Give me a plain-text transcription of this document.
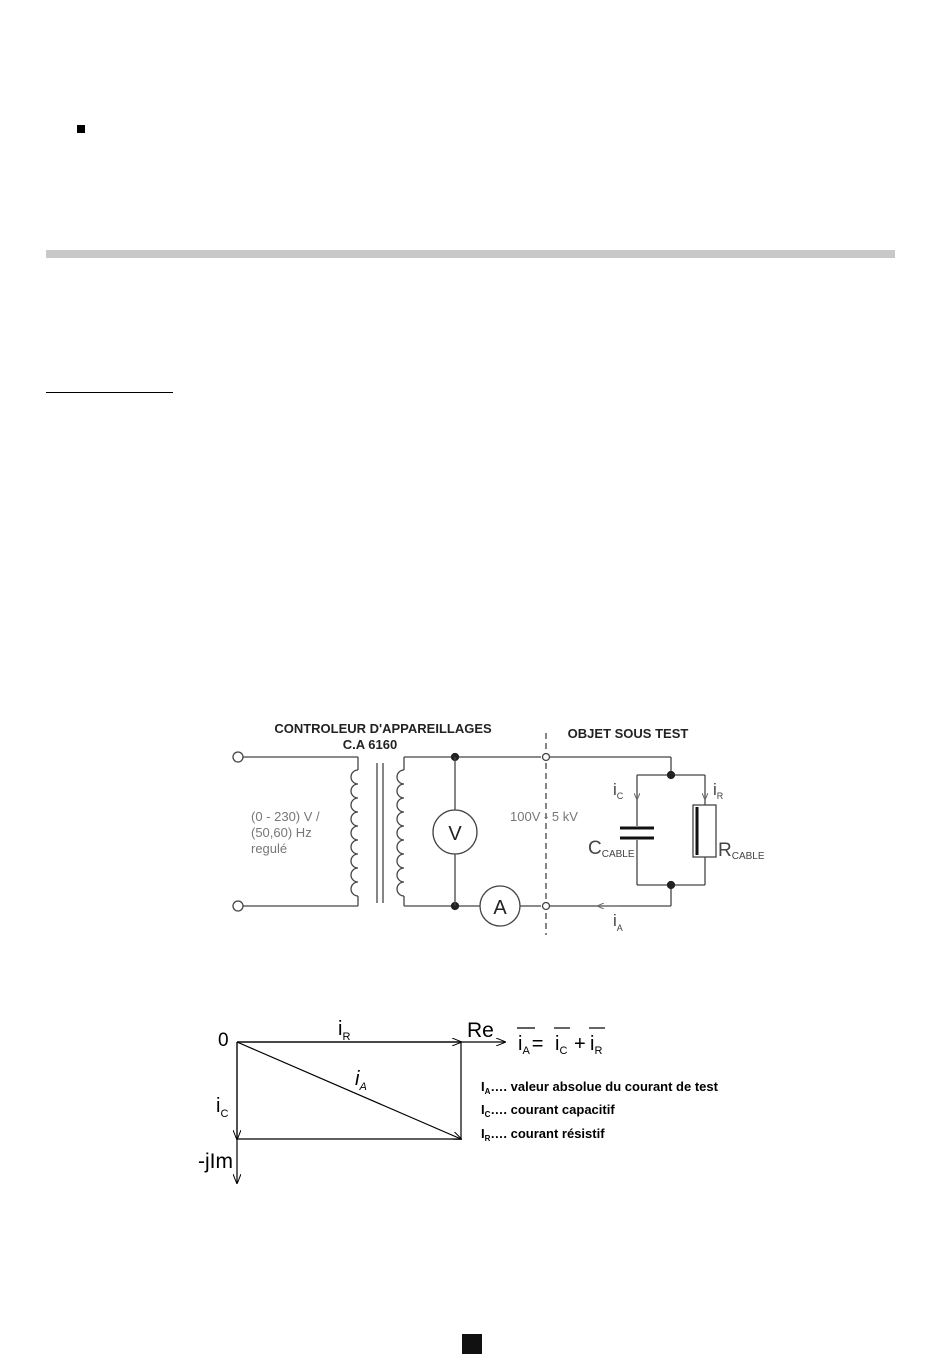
CONTROLEUR D'APPAREILLAGES
C.A 6160
OBJET SOUS TEST
(0 - 230) V /
(50,60) Hz
regulé
V
A
100V - 5 kV
$i_C$	$i_R$
$i_A$
CCABLE	RCABLE
0	Re
-jIm
$i_R$
$i_C$
$i_A$
$i_A = i_C + i_R$
$I_A\dots$. valeur absolue du courant de test
$I_C\dots$. courant capacitif
$I_R\dots$. courant résistif
